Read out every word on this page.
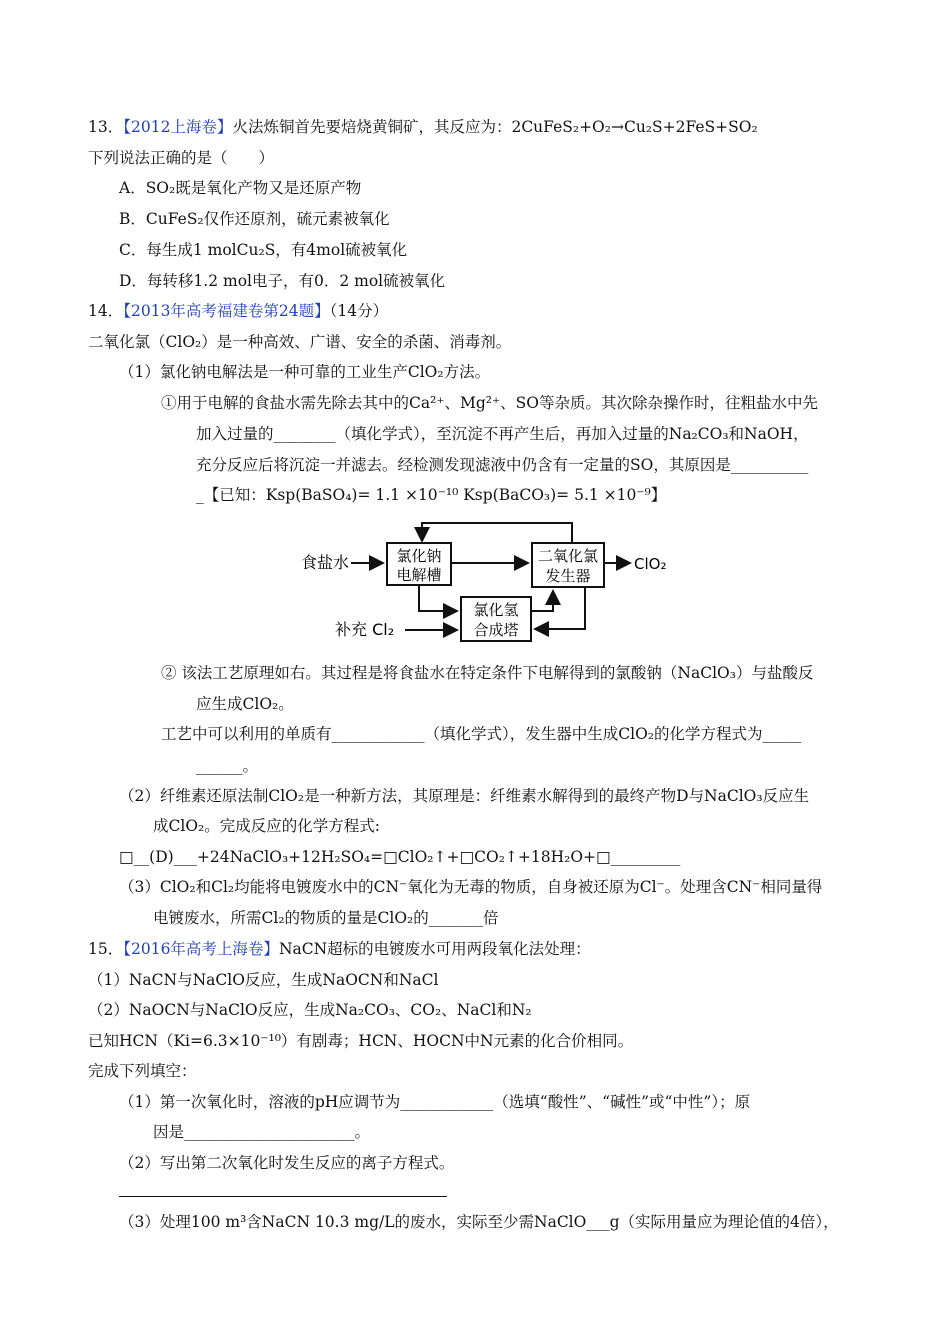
13．【2012上海卷】火法炼铜首先要焙烧黄铜矿，其反应为：2CuFeS₂+O₂→Cu₂S+2FeS+SO₂
下列说法正确的是（　　）
A．SO₂既是氧化产物又是还原产物
B．CuFeS₂仅作还原剂，硫元素被氧化
C．每生成1 molCu₂S，有4mol硫被氧化
D．每转移1.2 mol电子，有0．2 mol硫被氧化
14．【2013年高考福建卷第24题】（14分）
二氧化氯（ClO₂）是一种高效、广谱、安全的杀菌、消毒剂。
（1）氯化钠电解法是一种可靠的工业生产ClO₂方法。
①用于电解的食盐水需先除去其中的Ca²⁺、Mg²⁺、SO等杂质。其次除杂操作时，往粗盐水中先
加入过量的________（填化学式），至沉淀不再产生后，再加入过量的Na₂CO₃和NaOH，
充分反应后将沉淀一并滤去。经检测发现滤液中仍含有一定量的SO，其原因是__________
_【已知：Ksp(BaSO₄)= 1.1 ×10⁻¹⁰ Ksp(BaCO₃)= 5.1 ×10⁻⁹】
食盐水	氯化钠
电解槽
二氧化氯
发生器
ClO₂
氯化氢
合成塔
补充 Cl₂
② 该法工艺原理如右。其过程是将食盐水在特定条件下电解得到的氯酸钠（NaClO₃）与盐酸反
应生成ClO₂。
工艺中可以利用的单质有____________（填化学式），发生器中生成ClO₂的化学方程式为_____
______。
（2）纤维素还原法制ClO₂是一种新方法，其原理是：纤维素水解得到的最终产物D与NaClO₃反应生
成ClO₂。完成反应的化学方程式:
□__(D)___+24NaClO₃+12H₂SO₄=□ClO₂↑+□CO₂↑+18H₂O+□_________
（3）ClO₂和Cl₂均能将电镀废水中的CN⁻氧化为无毒的物质，自身被还原为Cl⁻。处理含CN⁻相同量得
电镀废水，所需Cl₂的物质的量是ClO₂的_______倍
15．【2016年高考上海卷】NaCN超标的电镀废水可用两段氧化法处理：
（1）NaCN与NaClO反应，生成NaOCN和NaCl
（2）NaOCN与NaClO反应，生成Na₂CO₃、CO₂、NaCl和N₂
已知HCN（Ki=6.3×10⁻¹⁰）有剧毒；HCN、HOCN中N元素的化合价相同。
完成下列填空：
（1）第一次氧化时，溶液的pH应调节为____________（选填“酸性”、“碱性”或“中性”）；原
因是______________________。
（2）写出第二次氧化时发生反应的离子方程式。
（3）处理100 m³含NaCN 10.3 mg/L的废水，实际至少需NaClO___g（实际用量应为理论值的4倍），
